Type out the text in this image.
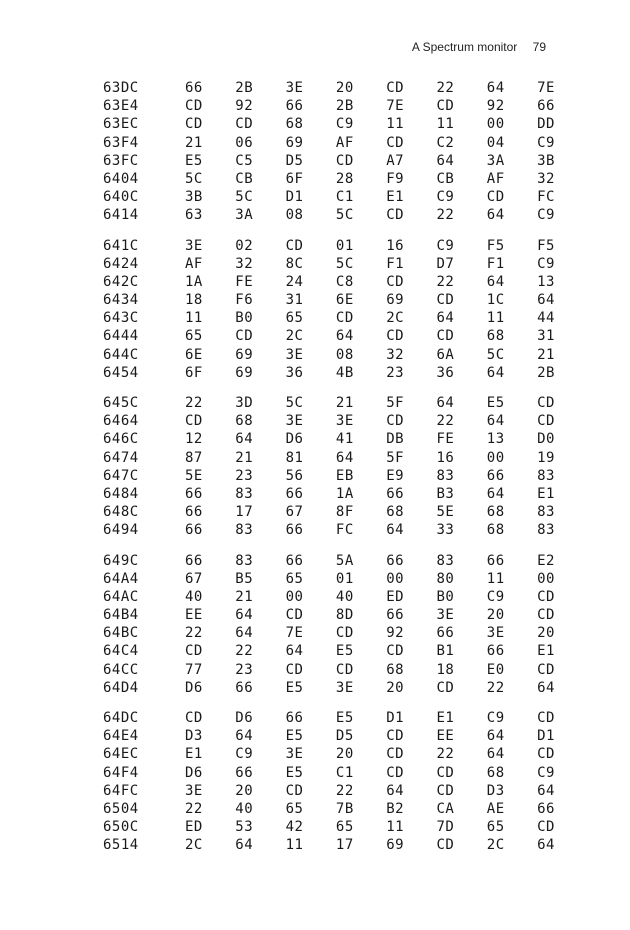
A Spectrum monitor 79
63DC	66	2B	3E	20	CD	22	64	7E
63E4	CD	92	66	2B	7E	CD	92	66
63EC	CD	CD	68	C9	11	11	00	DD
63F4	21	06	69	AF	CD	C2	04	C9
63FC	E5	C5	D5	CD	A7	64	3A	3B
6404	5C	CB	6F	28	F9	CB	AF	32
640C	3B	5C	D1	C1	E1	C9	CD	FC
6414	63	3A	08	5C	CD	22	64	C9
641C	3E	02	CD	01	16	C9	F5	F5
6424	AF	32	8C	5C	F1	D7	F1	C9
642C	1A	FE	24	C8	CD	22	64	13
6434	18	F6	31	6E	69	CD	1C	64
643C	11	B0	65	CD	2C	64	11	44
6444	65	CD	2C	64	CD	CD	68	31
644C	6E	69	3E	08	32	6A	5C	21
6454	6F	69	36	4B	23	36	64	2B
645C	22	3D	5C	21	5F	64	E5	CD
6464	CD	68	3E	3E	CD	22	64	CD
646C	12	64	D6	41	DB	FE	13	D0
6474	87	21	81	64	5F	16	00	19
647C	5E	23	56	EB	E9	83	66	83
6484	66	83	66	1A	66	B3	64	E1
648C	66	17	67	8F	68	5E	68	83
6494	66	83	66	FC	64	33	68	83
649C	66	83	66	5A	66	83	66	E2
64A4	67	B5	65	01	00	80	11	00
64AC	40	21	00	40	ED	B0	C9	CD
64B4	EE	64	CD	8D	66	3E	20	CD
64BC	22	64	7E	CD	92	66	3E	20
64C4	CD	22	64	E5	CD	B1	66	E1
64CC	77	23	CD	CD	68	18	E0	CD
64D4	D6	66	E5	3E	20	CD	22	64
64DC	CD	D6	66	E5	D1	E1	C9	CD
64E4	D3	64	E5	D5	CD	EE	64	D1
64EC	E1	C9	3E	20	CD	22	64	CD
64F4	D6	66	E5	C1	CD	CD	68	C9
64FC	3E	20	CD	22	64	CD	D3	64
6504	22	40	65	7B	B2	CA	AE	66
650C	ED	53	42	65	11	7D	65	CD
6514	2C	64	11	17	69	CD	2C	64
